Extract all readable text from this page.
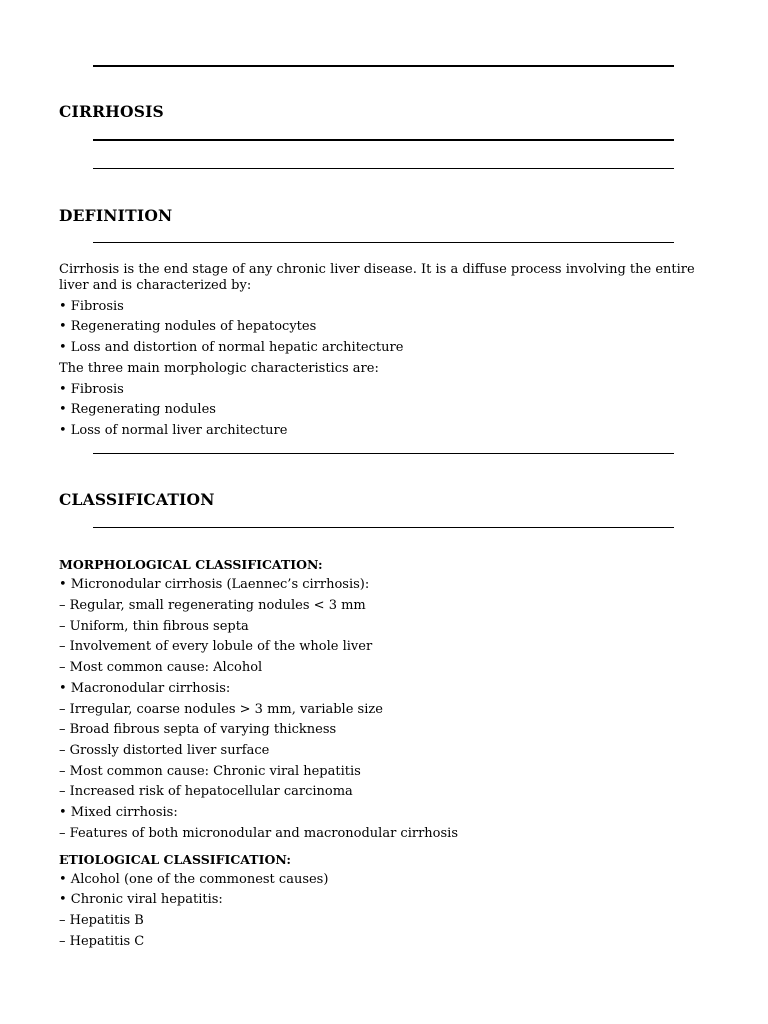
CIRRHOSIS
DEFINITION
Cirrhosis is the end stage of any chronic liver disease. It is a diffuse process involving the entire liver and is characterized by:
• Fibrosis
• Regenerating nodules of hepatocytes
• Loss and distortion of normal hepatic architecture
The three main morphologic characteristics are:
• Fibrosis
• Regenerating nodules
• Loss of normal liver architecture
CLASSIFICATION
MORPHOLOGICAL CLASSIFICATION:
• Micronodular cirrhosis (Laennec’s cirrhosis):
– Regular, small regenerating nodules < 3 mm
– Uniform, thin fibrous septa
– Involvement of every lobule of the whole liver
– Most common cause: Alcohol
• Macronodular cirrhosis:
– Irregular, coarse nodules > 3 mm, variable size
– Broad fibrous septa of varying thickness
– Grossly distorted liver surface
– Most common cause: Chronic viral hepatitis
– Increased risk of hepatocellular carcinoma
• Mixed cirrhosis:
– Features of both micronodular and macronodular cirrhosis
ETIOLOGICAL CLASSIFICATION:
• Alcohol (one of the commonest causes)
• Chronic viral hepatitis:
– Hepatitis B
– Hepatitis C
